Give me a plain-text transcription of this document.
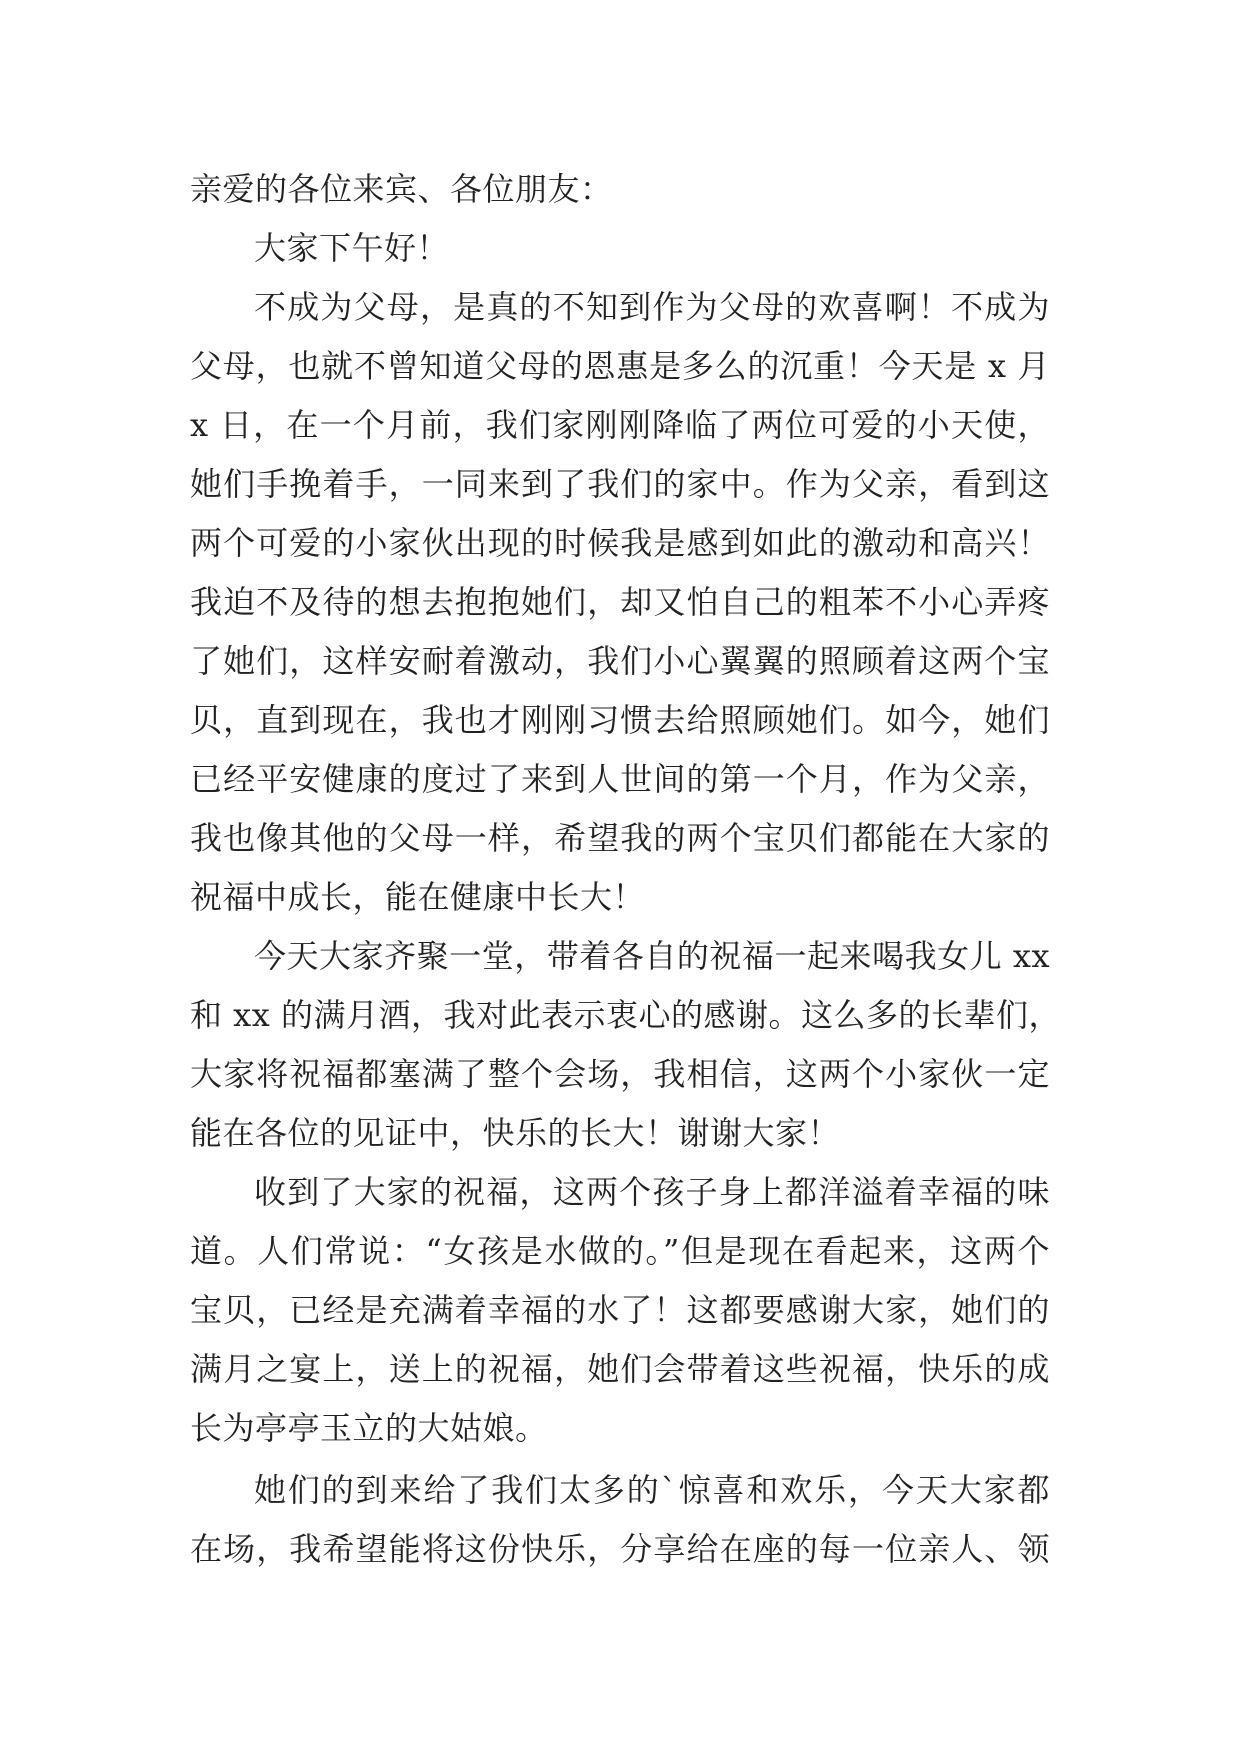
亲爱的各位来宾、各位朋友：
大家下午好！
不成为父母，是真的不知到作为父母的欢喜啊！不成为
父母，也就不曾知道父母的恩惠是多么的沉重！今天是 x 月
x 日，在一个月前，我们家刚刚降临了两位可爱的小天使，
她们手挽着手，一同来到了我们的家中。作为父亲，看到这
两个可爱的小家伙出现的时候我是感到如此的激动和高兴！
我迫不及待的想去抱抱她们，却又怕自己的粗苯不小心弄疼
了她们，这样安耐着激动，我们小心翼翼的照顾着这两个宝
贝，直到现在，我也才刚刚习惯去给照顾她们。如今，她们
已经平安健康的度过了来到人世间的第一个月，作为父亲，
我也像其他的父母一样，希望我的两个宝贝们都能在大家的
祝福中成长，能在健康中长大！
今天大家齐聚一堂，带着各自的祝福一起来喝我女儿 xx
和 xx 的满月酒，我对此表示衷心的感谢。这么多的长辈们，
大家将祝福都塞满了整个会场，我相信，这两个小家伙一定
能在各位的见证中，快乐的长大！谢谢大家！
收到了大家的祝福，这两个孩子身上都洋溢着幸福的味
道。人们常说：“女孩是水做的。”但是现在看起来，这两个
宝贝，已经是充满着幸福的水了！这都要感谢大家，她们的
满月之宴上，送上的祝福，她们会带着这些祝福，快乐的成
长为亭亭玉立的大姑娘。
她们的到来给了我们太多的`惊喜和欢乐，今天大家都
在场，我希望能将这份快乐，分享给在座的每一位亲人、领
